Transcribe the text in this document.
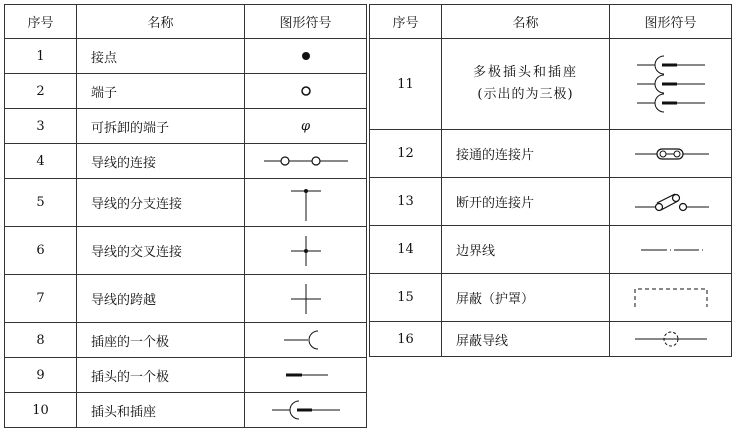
序号	名称	图形符号
1	接点	

2	端子	

3	可拆卸的端子	φ
4	导线的连接	

5	导线的分支连接	

6	导线的交叉连接	

7	导线的跨越	

8	插座的一个极	

9	插头的一个极	

10	插头和插座	
序号	名称	图形符号
11	多极插头和插座
(示出的为三极)

12	接通的连接片	

13	断开的连接片	

14	边界线	

15	屏蔽（护罩）	

16	屏蔽导线	
